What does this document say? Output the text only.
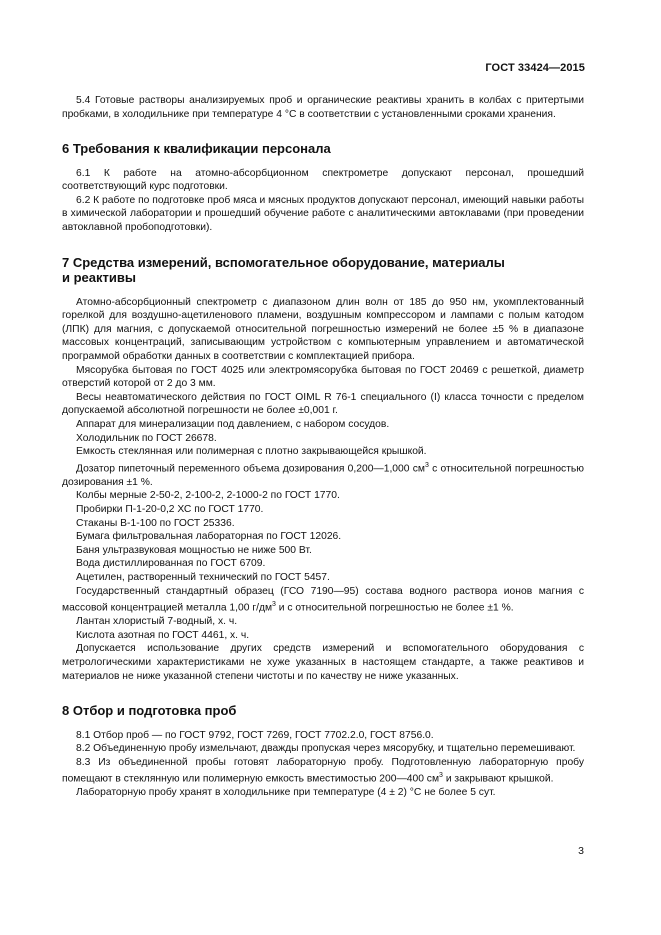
ГОСТ 33424—2015

5.4 Готовые растворы анализируемых проб и органические реактивы хранить в колбах с притертыми пробками, в холодильнике при температуре 4 °С в соответствии с установленными сроками хранения.

6 Требования к квалификации персонала

6.1 К работе на атомно-абсорбционном спектрометре допускают персонал, прошедший соответствующий курс подготовки.

6.2 К работе по подготовке проб мяса и мясных продуктов допускают персонал, имеющий навыки работы в химической лаборатории и прошедший обучение работе с аналитическими автоклавами (при проведении автоклавной пробоподготовки).

7 Средства измерений, вспомогательное оборудование, материалы
и реактивы

Атомно-абсорбционный спектрометр с диапазоном длин волн от 185 до 950 нм, укомплектованный горелкой для воздушно-ацетиленового пламени, воздушным компрессором и лампами с полым катодом (ЛПК) для магния, с допускаемой относительной погрешностью измерений не более ±5 % в диапазоне массовых концентраций, записывающим устройством с компьютерным управлением и автоматической программой обработки данных в соответствии с комплектацией прибора.

Мясорубка бытовая по ГОСТ 4025 или электромясорубка бытовая по ГОСТ 20469 с решеткой, диаметр отверстий которой от 2 до 3 мм.

Весы неавтоматического действия по ГОСТ OIML R 76-1 специального (I) класса точности с пределом допускаемой абсолютной погрешности не более ±0,001 г.

Аппарат для минерализации под давлением, с набором сосудов.

Холодильник по ГОСТ 26678.

Емкость стеклянная или полимерная с плотно закрывающейся крышкой.

Дозатор пипеточный переменного объема дозирования 0,200—1,000 $см^3$ с относительной погрешностью дозирования ±1 %.

Колбы мерные 2-50-2, 2-100-2, 2-1000-2 по ГОСТ 1770.

Пробирки П-1-20-0,2 ХС по ГОСТ 1770.

Стаканы В-1-100 по ГОСТ 25336.

Бумага фильтровальная лабораторная по ГОСТ 12026.

Баня ультразвуковая мощностью не ниже 500 Вт.

Вода дистиллированная по ГОСТ 6709.

Ацетилен, растворенный технический по ГОСТ 5457.

Государственный стандартный образец (ГСО 7190—95) состава водного раствора ионов магния с массовой концентрацией металла 1,00 $г/дм^3$ и с относительной погрешностью не более ±1 %.

Лантан хлористый 7-водный, х. ч.

Кислота азотная по ГОСТ 4461, х. ч.

Допускается использование других средств измерений и вспомогательного оборудования с метрологическими характеристиками не хуже указанных в настоящем стандарте, а также реактивов и материалов не ниже указанной степени чистоты и по качеству не ниже указанных.

8 Отбор и подготовка проб

8.1 Отбор проб — по ГОСТ 9792, ГОСТ 7269, ГОСТ 7702.2.0, ГОСТ 8756.0.

8.2 Объединенную пробу измельчают, дважды пропуская через мясорубку, и тщательно перемешивают.

8.3 Из объединенной пробы готовят лабораторную пробу. Подготовленную лабораторную пробу помещают в стеклянную или полимерную емкость вместимостью 200—400 $см^3$ и закрывают крышкой.

Лабораторную пробу хранят в холодильнике при температуре (4 ± 2) °С не более 5 сут.

3
